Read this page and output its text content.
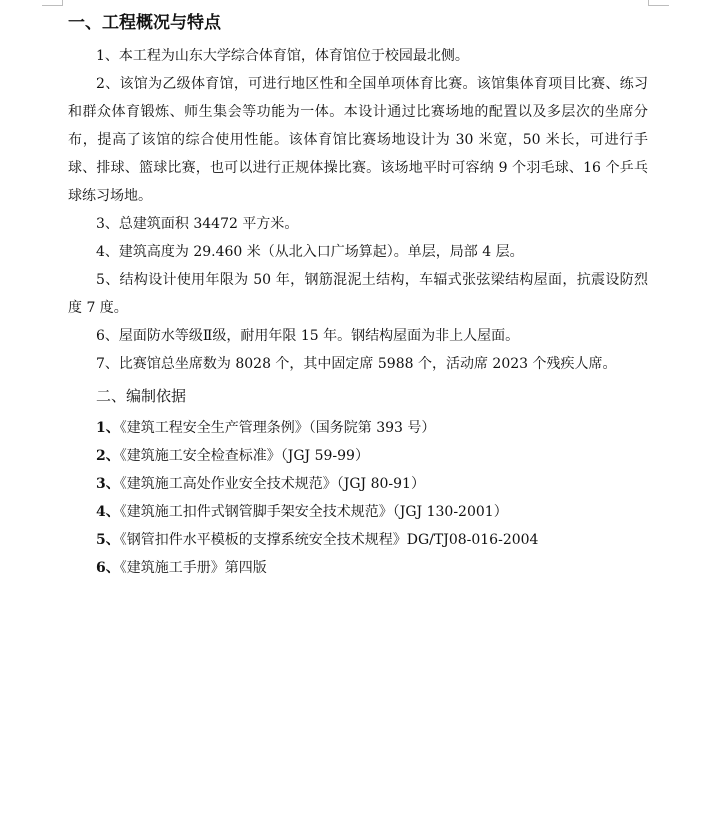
一、工程概况与特点

1、本工程为山东大学综合体育馆，体育馆位于校园最北侧。

2、该馆为乙级体育馆，可进行地区性和全国单项体育比赛。该馆集体育项目比赛、练习和群众体育锻炼、师生集会等功能为一体。本设计通过比赛场地的配置以及多层次的坐席分布，提高了该馆的综合使用性能。该体育馆比赛场地设计为 30 米宽，50 米长，可进行手球、排球、篮球比赛，也可以进行正规体操比赛。该场地平时可容纳 9 个羽毛球、16 个乒乓球练习场地。

3、总建筑面积 34472 平方米。

4、建筑高度为 29.460 米（从北入口广场算起）。单层，局部 4 层。

5、结构设计使用年限为 50 年，钢筋混泥土结构，车辐式张弦梁结构屋面，抗震设防烈度 7 度。

6、屋面防水等级Ⅱ级，耐用年限 15 年。钢结构屋面为非上人屋面。

7、比赛馆总坐席数为 8028 个，其中固定席 5988 个，活动席 2023 个残疾人席。

二、编制依据

1、《建筑工程安全生产管理条例》（国务院第 393 号）

2、《建筑施工安全检查标准》（JGJ 59-99）

3、《建筑施工高处作业安全技术规范》（JGJ 80-91）

4、《建筑施工扣件式钢管脚手架安全技术规范》（JGJ 130-2001）

5、《钢管扣件水平模板的支撑系统安全技术规程》DG/TJ08-016-2004

6、《建筑施工手册》第四版
